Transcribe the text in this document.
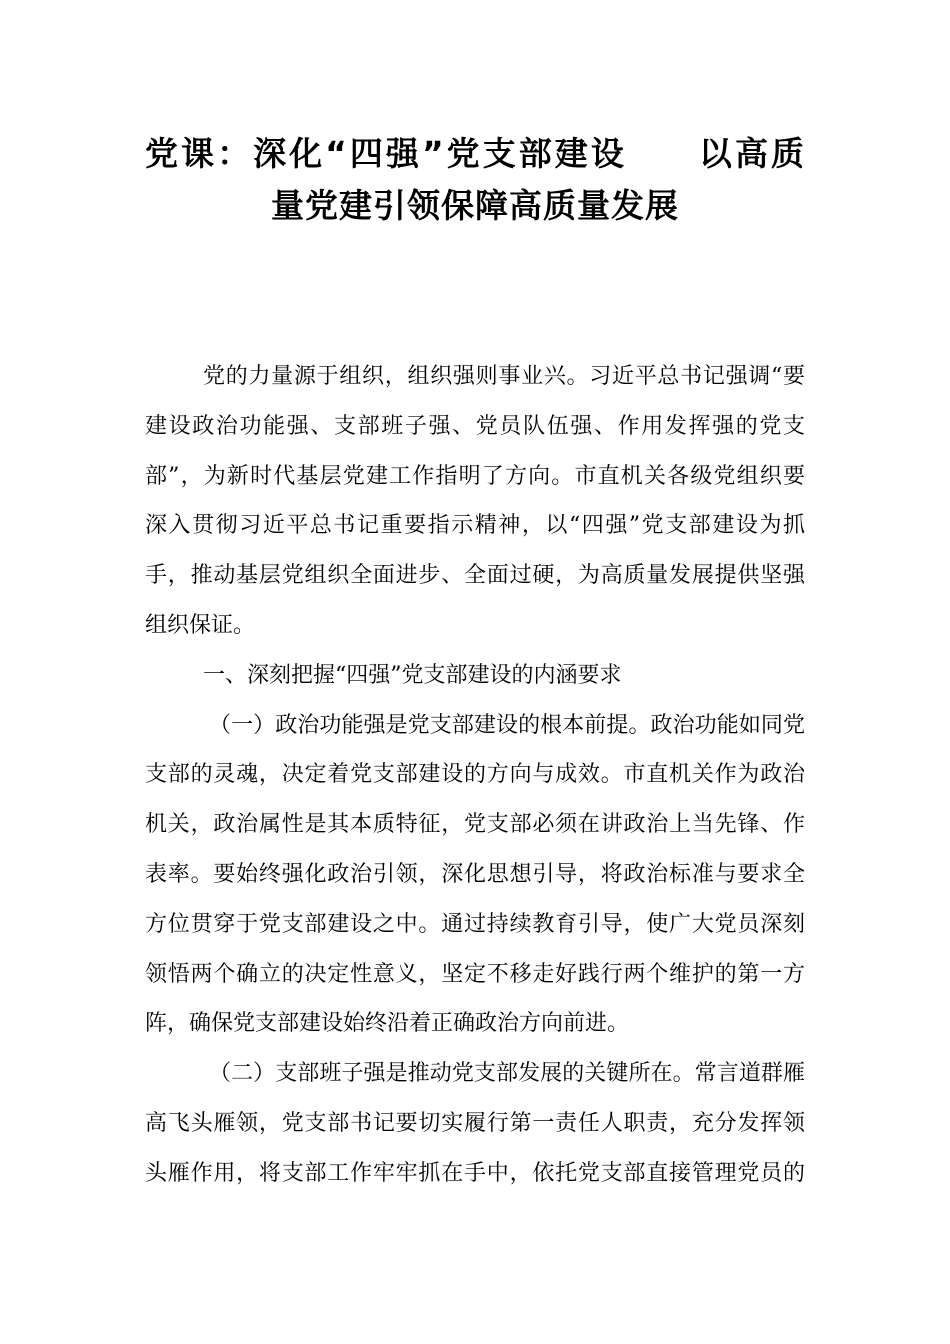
党课：深化“四强”党支部建设　　以高质
量党建引领保障高质量发展
党的力量源于组织，组织强则事业兴。习近平总书记强调“要
建设政治功能强、支部班子强、党员队伍强、作用发挥强的党支
部”，为新时代基层党建工作指明了方向。市直机关各级党组织要
深入贯彻习近平总书记重要指示精神，以“四强”党支部建设为抓
手，推动基层党组织全面进步、全面过硬，为高质量发展提供坚强
组织保证。
一、深刻把握“四强”党支部建设的内涵要求
（一）政治功能强是党支部建设的根本前提。政治功能如同党
支部的灵魂，决定着党支部建设的方向与成效。市直机关作为政治
机关，政治属性是其本质特征，党支部必须在讲政治上当先锋、作
表率。要始终强化政治引领，深化思想引导，将政治标准与要求全
方位贯穿于党支部建设之中。通过持续教育引导，使广大党员深刻
领悟两个确立的决定性意义，坚定不移走好践行两个维护的第一方
阵，确保党支部建设始终沿着正确政治方向前进。
（二）支部班子强是推动党支部发展的关键所在。常言道群雁
高飞头雁领，党支部书记要切实履行第一责任人职责，充分发挥领
头雁作用，将支部工作牢牢抓在手中，依托党支部直接管理党员的
